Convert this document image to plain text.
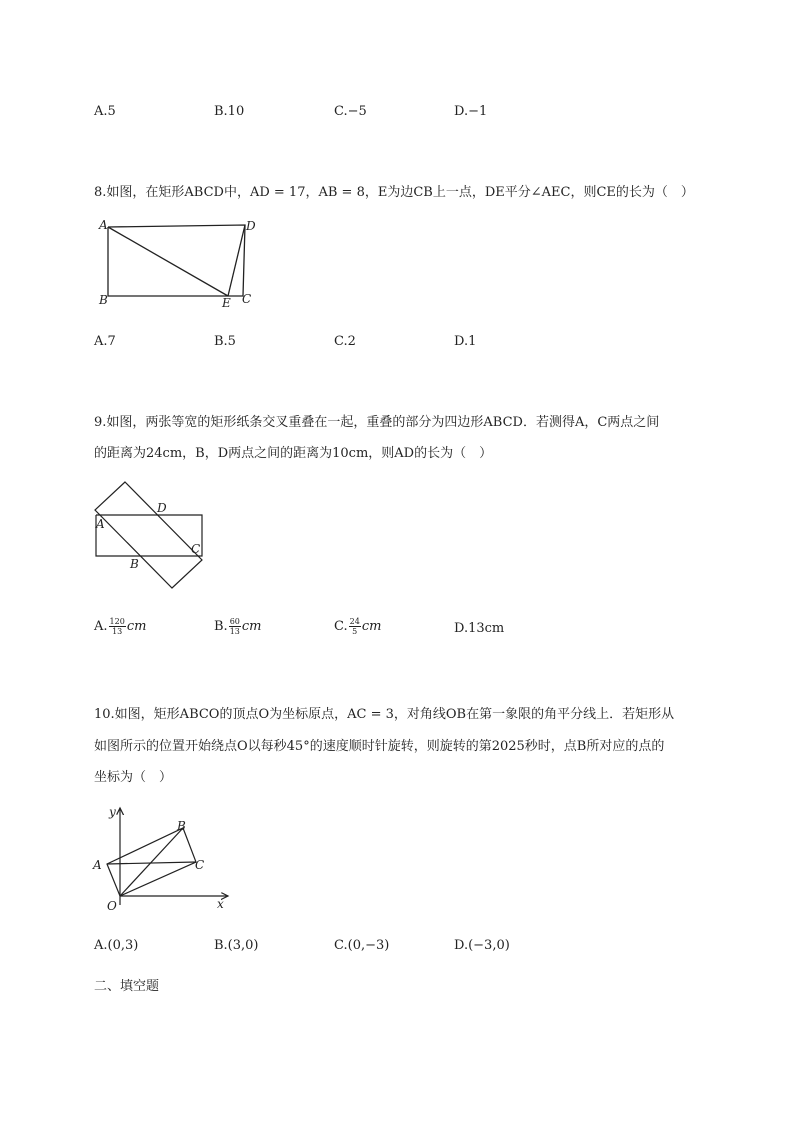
A.5	B.10	C.−5	D.−1
8.如图，在矩形ABCD中，AD = 17，AB = 8，E为边CB上一点，DE平分∠AEC，则CE的长为（　）
A	D
B	E C
A.7	B.5	C.2	D.1
9.如图，两张等宽的矩形纸条交叉重叠在一起，重叠的部分为四边形ABCD．若测得A，C两点之间
的距离为24cm，B，D两点之间的距离为10cm，则AD的长为（　）
D
A
C
B
A. $\frac{120}{13}$ cm	B. $\frac{60}{13}$ cm	C. $\frac{24}{5}$ cm	D.13cm
10.如图，矩形ABCO的顶点O为坐标原点，AC = 3，对角线OB在第一象限的角平分线上．若矩形从
如图所示的位置开始绕点O以每秒45°的速度顺时针旋转，则旋转的第2025秒时，点B所对应的点的
坐标为（　）
y
x
A
B
C
O
A.(0,3)	B.(3,0)	C.(0,−3)	D.(−3,0)
二、填空题
